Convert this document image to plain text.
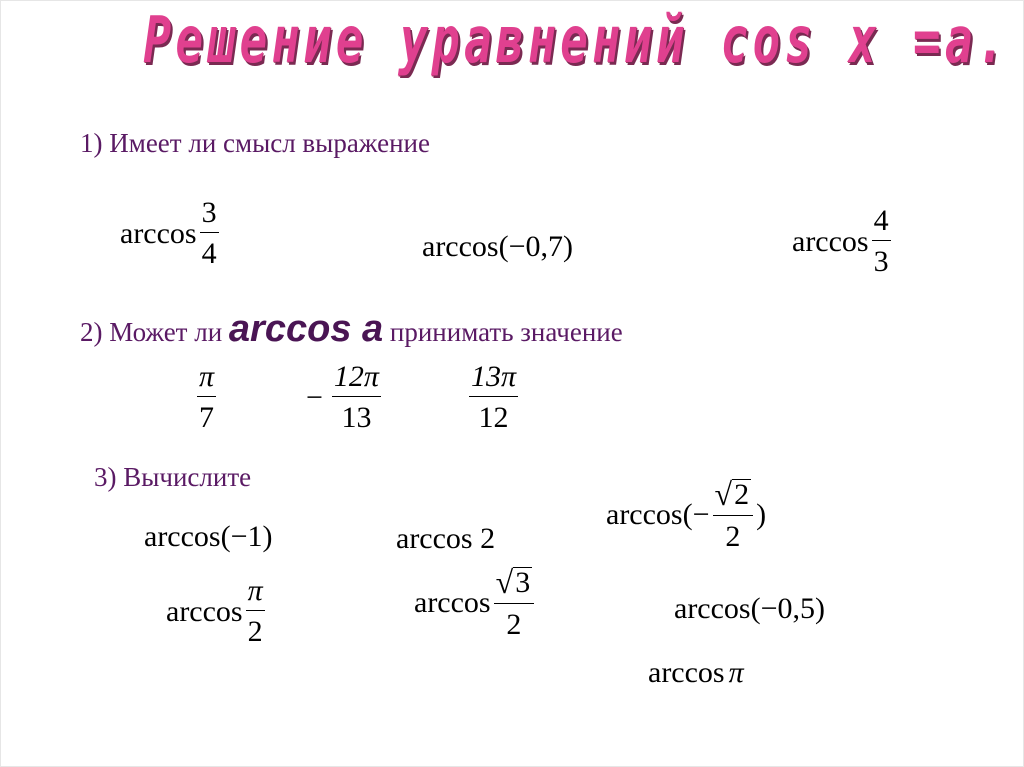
Решение уравнений cos x =a.
1) Имеет ли смысл выражение
$\arccos \frac{3}{4}$	arccos(−0,7)	$\arccos \frac{4}{3}$
2) Может ли arccos a принимать значение
$\frac{\pi}{7}$	− $\frac{12\pi}{13}$	$\frac{13\pi}{12}$
3) Вычислите
arccos(−1)	arccos 2
$\arccos(- \frac{√ 2}{2}$ )
$\arccos \frac{\pi}{2}$	$\arccos \frac{√ 3}{2}$	arccos(−0,5)
arccos π
